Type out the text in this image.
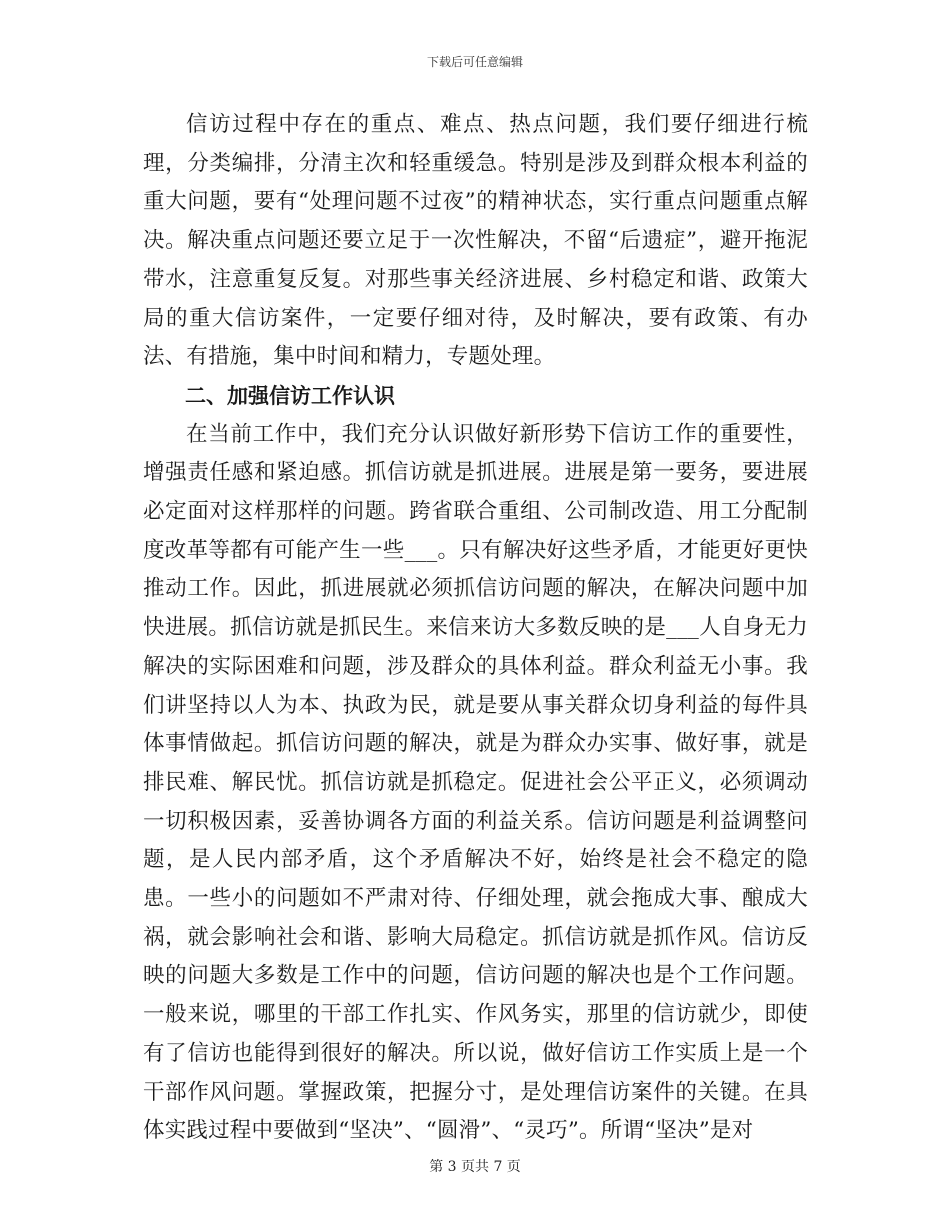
下载后可任意编辑

信访过程中存在的重点、难点、热点问题，我们要仔细进行梳理，分类编排，分清主次和轻重缓急。特别是涉及到群众根本利益的重大问题，要有“处理问题不过夜”的精神状态，实行重点问题重点解决。解决重点问题还要立足于一次性解决，不留“后遗症”，避开拖泥带水，注意重复反复。对那些事关经济进展、乡村稳定和谐、政策大局的重大信访案件，一定要仔细对待，及时解决，要有政策、有办法、有措施，集中时间和精力，专题处理。

二、加强信访工作认识

在当前工作中，我们充分认识做好新形势下信访工作的重要性，增强责任感和紧迫感。抓信访就是抓进展。进展是第一要务，要进展必定面对这样那样的问题。跨省联合重组、公司制改造、用工分配制度改革等都有可能产生一些___。只有解决好这些矛盾，才能更好更快推动工作。因此，抓进展就必须抓信访问题的解决，在解决问题中加快进展。抓信访就是抓民生。来信来访大多数反映的是___人自身无力解决的实际困难和问题，涉及群众的具体利益。群众利益无小事。我们讲坚持以人为本、执政为民，就是要从事关群众切身利益的每件具体事情做起。抓信访问题的解决，就是为群众办实事、做好事，就是排民难、解民忧。抓信访就是抓稳定。促进社会公平正义，必须调动一切积极因素，妥善协调各方面的利益关系。信访问题是利益调整问题，是人民内部矛盾，这个矛盾解决不好，始终是社会不稳定的隐患。一些小的问题如不严肃对待、仔细处理，就会拖成大事、酿成大祸，就会影响社会和谐、影响大局稳定。抓信访就是抓作风。信访反映的问题大多数是工作中的问题，信访问题的解决也是个工作问题。一般来说，哪里的干部工作扎实、作风务实，那里的信访就少，即使有了信访也能得到很好的解决。所以说，做好信访工作实质上是一个干部作风问题。掌握政策，把握分寸，是处理信访案件的关键。在具体实践过程中要做到“坚决”、“圆滑”、“灵巧”。所谓“坚决”是对

第 3 页共 7 页
